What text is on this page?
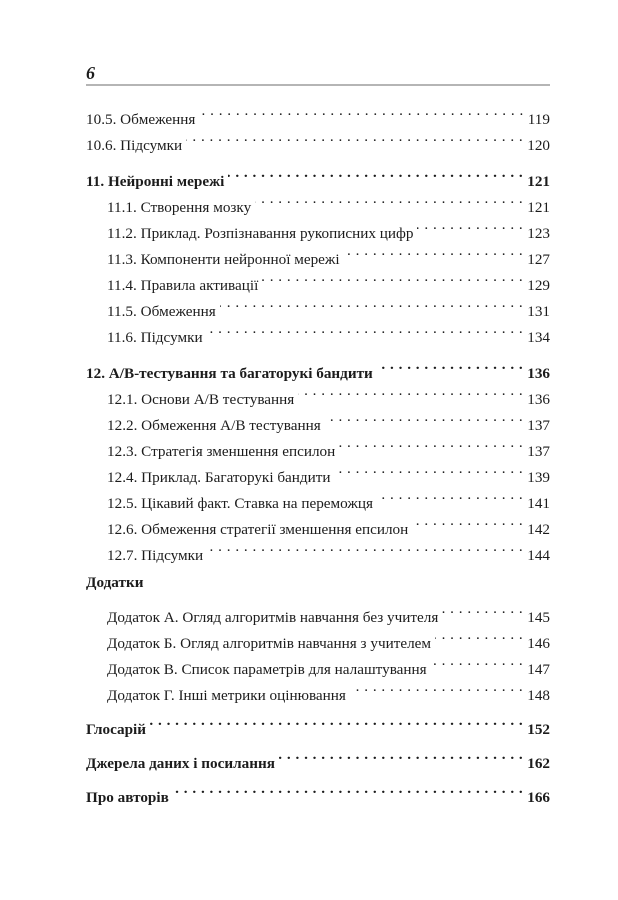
6
10.5. Обмеження . . .	119
10.6. Підсумки . . .	120
11. Нейронні мережі . . .	121
11.1. Створення мозку . . .	121
11.2. Приклад. Розпізнавання рукописних цифр . . .	123
11.3. Компоненти нейронної мережі . . .	127
11.4. Правила активації . . .	129
11.5. Обмеження . . .	131
11.6. Підсумки . . .	134
12. А/В-тестування та багаторукі бандити . . .	136
12.1. Основи А/В тестування . . .	136
12.2. Обмеження А/В тестування . . .	137
12.3. Стратегія зменшення епсилон . . .	137
12.4. Приклад. Багаторукі бандити . . .	139
12.5. Цікавий факт. Ставка на переможця . . .	141
12.6. Обмеження стратегії зменшення епсилон . . .	142
12.7. Підсумки . . .	144
Додатки
Додаток А. Огляд алгоритмів навчання без учителя . . .	145
Додаток Б. Огляд алгоритмів навчання з учителем . . .	146
Додаток В. Список параметрів для налаштування . . .	147
Додаток Г. Інші метрики оцінювання . . .	148
Глосарій . . .	152
Джерела даних і посилання . . .	162
Про авторів . . .	166
